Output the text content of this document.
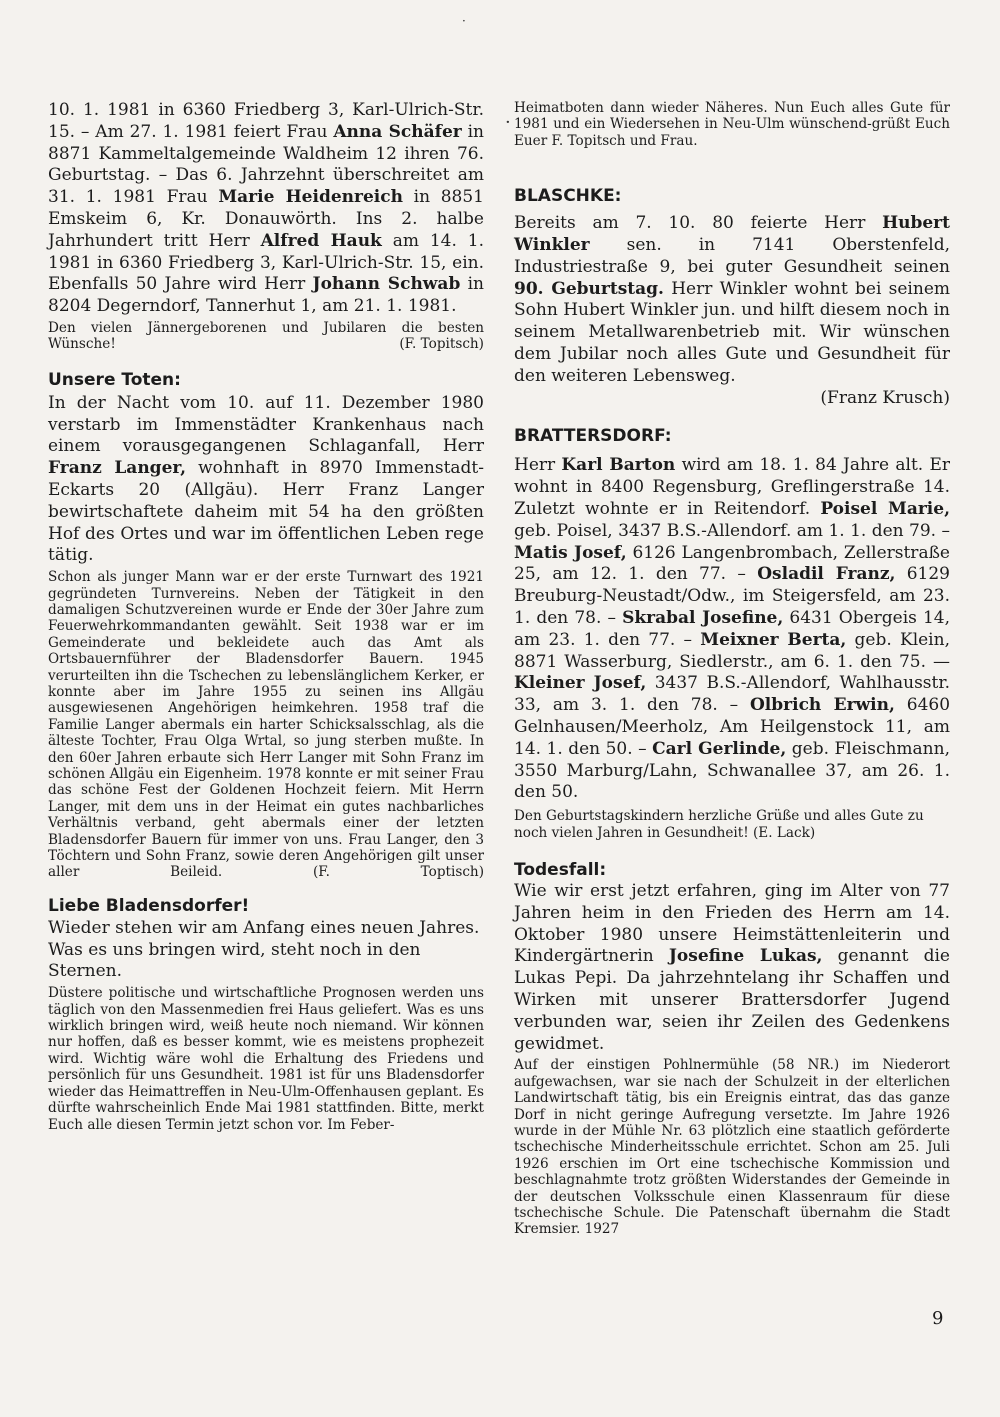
10. 1. 1981 in 6360 Friedberg 3, Karl-Ulrich-Str. 15. – Am 27. 1. 1981 feiert Frau Anna Schäfer in 8871 Kammeltalgemeinde Waldheim 12 ihren 76. Geburtstag. – Das 6. Jahrzehnt überschreitet am 31. 1. 1981 Frau Marie Heidenreich in 8851 Emskeim 6, Kr. Donauwörth. Ins 2. halbe Jahrhundert tritt Herr Alfred Hauk am 14. 1. 1981 in 6360 Friedberg 3, Karl-Ulrich-Str. 15, ein. Ebenfalls 50 Jahre wird Herr Johann Schwab in 8204 Degerndorf, Tannerhut 1, am 21. 1. 1981.

Den vielen Jännergeborenen und Jubilaren die besten Wünsche!	(F. Topitsch)

Unsere Toten:

In der Nacht vom 10. auf 11. Dezember 1980 verstarb im Immenstädter Krankenhaus nach einem vorausgegangenen Schlaganfall, Herr Franz Langer, wohnhaft in 8970 Immenstadt-Eckarts 20 (Allgäu). Herr Franz Langer bewirtschaftete daheim mit 54 ha den größten Hof des Ortes und war im öffentlichen Leben rege tätig.

Schon als junger Mann war er der erste Turnwart des 1921 gegründeten Turnvereins. Neben der Tätigkeit in den damaligen Schutzvereinen wurde er Ende der 30er Jahre zum Feuerwehrkommandanten gewählt. Seit 1938 war er im Gemeinderate und bekleidete auch das Amt als Ortsbauernführer der Bladensdorfer Bauern. 1945 verurteilten ihn die Tschechen zu lebenslänglichem Kerker, er konnte aber im Jahre 1955 zu seinen ins Allgäu ausgewiesenen Angehörigen heimkehren. 1958 traf die Familie Langer abermals ein harter Schicksalsschlag, als die älteste Tochter, Frau Olga Wrtal, so jung sterben mußte. In den 60er Jahren erbaute sich Herr Langer mit Sohn Franz im schönen Allgäu ein Eigenheim. 1978 konnte er mit seiner Frau das schöne Fest der Goldenen Hochzeit feiern. Mit Herrn Langer, mit dem uns in der Heimat ein gutes nachbarliches Verhältnis verband, geht abermals einer der letzten Bladensdorfer Bauern für immer von uns. Frau Langer, den 3 Töchtern und Sohn Franz, sowie deren Angehörigen gilt unser aller Beileid.	(F. Toptisch)

Liebe Bladensdorfer!

Wieder stehen wir am Anfang eines neuen Jahres. Was es uns bringen wird, steht noch in den Sternen.

Düstere politische und wirtschaftliche Prognosen werden uns täglich von den Massenmedien frei Haus geliefert. Was es uns wirklich bringen wird, weiß heute noch niemand. Wir können nur hoffen, daß es besser kommt, wie es meistens prophezeit wird. Wichtig wäre wohl die Erhaltung des Friedens und persönlich für uns Gesundheit. 1981 ist für uns Bladensdorfer wieder das Heimattreffen in Neu-Ulm-Offenhausen geplant. Es dürfte wahrscheinlich Ende Mai 1981 stattfinden. Bitte, merkt Euch alle diesen Termin jetzt schon vor. Im Feber-

Heimatboten dann wieder Näheres. Nun Euch alles Gute für 1981 und ein Wiedersehen in Neu-Ulm wünschend-grüßt Euch Euer F. Topitsch und Frau.

BLASCHKE:

Bereits am 7. 10. 80 feierte Herr Hubert Winkler sen. in 7141 Oberstenfeld, Industriestraße 9, bei guter Gesundheit seinen 90. Geburtstag. Herr Winkler wohnt bei seinem Sohn Hubert Winkler jun. und hilft diesem noch in seinem Metallwarenbetrieb mit. Wir wünschen dem Jubilar noch alles Gute und Gesundheit für den weiteren Lebensweg.

(Franz Krusch)

BRATTERSDORF:

Herr Karl Barton wird am 18. 1. 84 Jahre alt. Er wohnt in 8400 Regensburg, Greflingerstraße 14. Zuletzt wohnte er in Reitendorf. Poisel Marie, geb. Poisel, 3437 B.S.-Allendorf. am 1. 1. den 79. – Matis Josef, 6126 Langenbrombach, Zellerstraße 25, am 12. 1. den 77. – Osladil Franz, 6129 Breuburg-Neustadt/Odw., im Steigersfeld, am 23. 1. den 78. – Skrabal Josefine, 6431 Obergeis 14, am 23. 1. den 77. – Meixner Berta, geb. Klein, 8871 Wasserburg, Siedlerstr., am 6. 1. den 75. — Kleiner Josef, 3437 B.S.-Allendorf, Wahlhausstr. 33, am 3. 1. den 78. – Olbrich Erwin, 6460 Gelnhausen/Meerholz, Am Heilgenstock 11, am 14. 1. den 50. – Carl Gerlinde, geb. Fleischmann, 3550 Marburg/Lahn, Schwanallee 37, am 26. 1. den 50.

Den Geburtstagskindern herzliche Grüße und alles Gute zu noch vielen Jahren in Gesundheit! (E. Lack)

Todesfall:

Wie wir erst jetzt erfahren, ging im Alter von 77 Jahren heim in den Frieden des Herrn am 14. Oktober 1980 unsere Heimstättenleiterin und Kindergärtnerin Josefine Lukas, genannt die Lukas Pepi. Da jahrzehntelang ihr Schaffen und Wirken mit unserer Brattersdorfer Jugend verbunden war, seien ihr Zeilen des Gedenkens gewidmet.

Auf der einstigen Pohlnermühle (58 NR.) im Niederort aufgewachsen, war sie nach der Schulzeit in der elterlichen Landwirtschaft tätig, bis ein Ereignis eintrat, das das ganze Dorf in nicht geringe Aufregung versetzte. Im Jahre 1926 wurde in der Mühle Nr. 63 plötzlich eine staatlich geförderte tschechische Minderheitsschule errichtet. Schon am 25. Juli 1926 erschien im Ort eine tschechische Kommission und beschlagnahmte trotz größten Widerstandes der Gemeinde in der deutschen Volksschule einen Klassenraum für diese tschechische Schule. Die Patenschaft übernahm die Stadt Kremsier. 1927

·
·
9
